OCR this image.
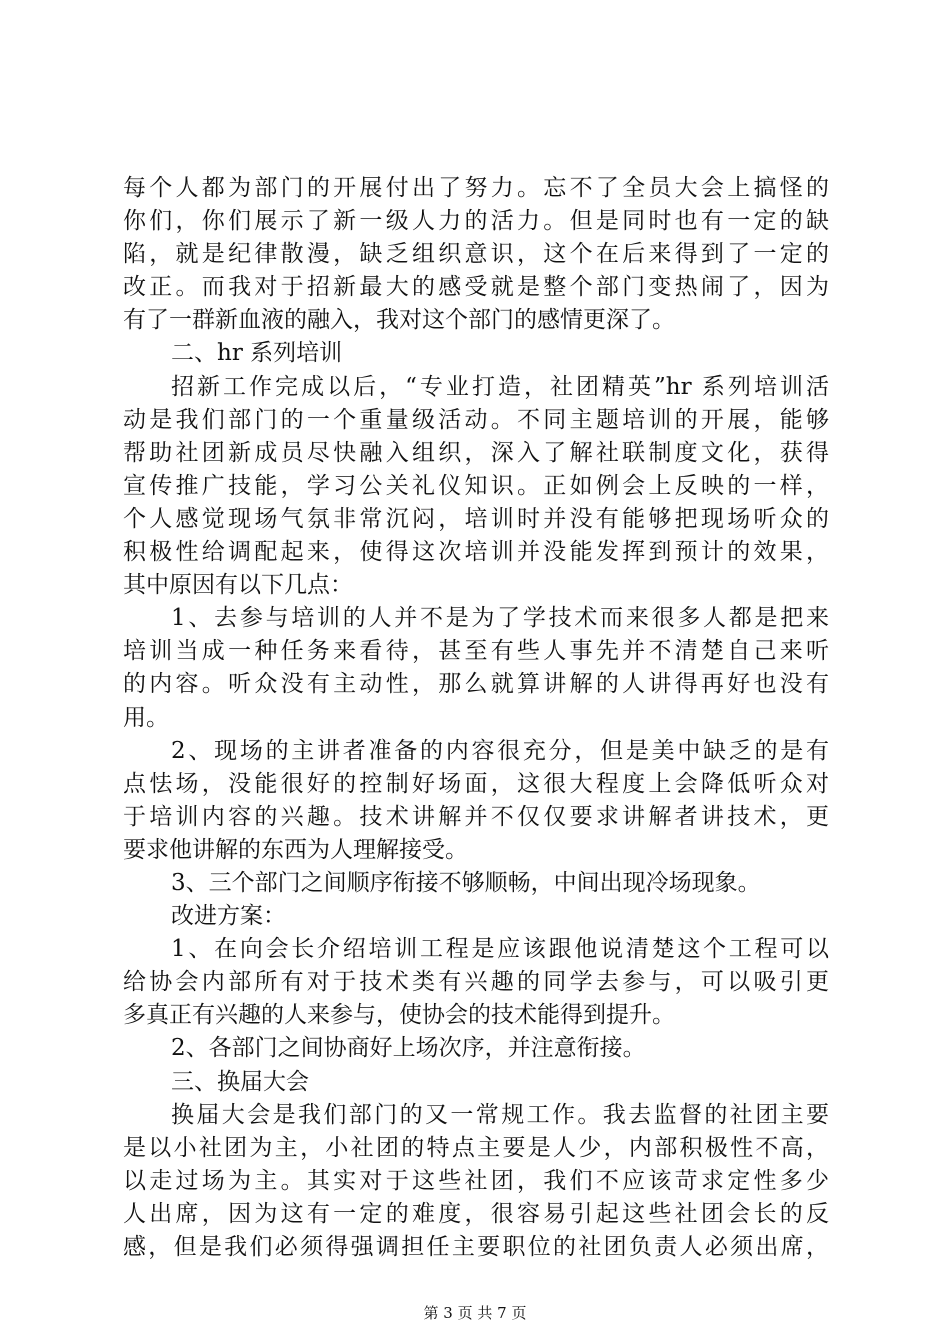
每个人都为部门的开展付出了努力。忘不了全员大会上搞怪的
你们，你们展示了新一级人力的活力。但是同时也有一定的缺
陷，就是纪律散漫，缺乏组织意识，这个在后来得到了一定的
改正。而我对于招新最大的感受就是整个部门变热闹了，因为
有了一群新血液的融入，我对这个部门的感情更深了。
二、hr 系列培训
招新工作完成以后，“专业打造，社团精英”hr 系列培训活
动是我们部门的一个重量级活动。不同主题培训的开展，能够
帮助社团新成员尽快融入组织，深入了解社联制度文化，获得
宣传推广技能，学习公关礼仪知识。正如例会上反映的一样，
个人感觉现场气氛非常沉闷，培训时并没有能够把现场听众的
积极性给调配起来，使得这次培训并没能发挥到预计的效果，
其中原因有以下几点：
1、去参与培训的人并不是为了学技术而来很多人都是把来
培训当成一种任务来看待，甚至有些人事先并不清楚自己来听
的内容。听众没有主动性，那么就算讲解的人讲得再好也没有
用。
2、现场的主讲者准备的内容很充分，但是美中缺乏的是有
点怯场，没能很好的控制好场面，这很大程度上会降低听众对
于培训内容的兴趣。技术讲解并不仅仅要求讲解者讲技术，更
要求他讲解的东西为人理解接受。
3、三个部门之间顺序衔接不够顺畅，中间出现冷场现象。
改进方案：
1、在向会长介绍培训工程是应该跟他说清楚这个工程可以
给协会内部所有对于技术类有兴趣的同学去参与，可以吸引更
多真正有兴趣的人来参与，使协会的技术能得到提升。
2、各部门之间协商好上场次序，并注意衔接。
三、换届大会
换届大会是我们部门的又一常规工作。我去监督的社团主要
是以小社团为主，小社团的特点主要是人少，内部积极性不高，
以走过场为主。其实对于这些社团，我们不应该苛求定性多少
人出席，因为这有一定的难度，很容易引起这些社团会长的反
感，但是我们必须得强调担任主要职位的社团负责人必须出席，
第 3 页 共 7 页
